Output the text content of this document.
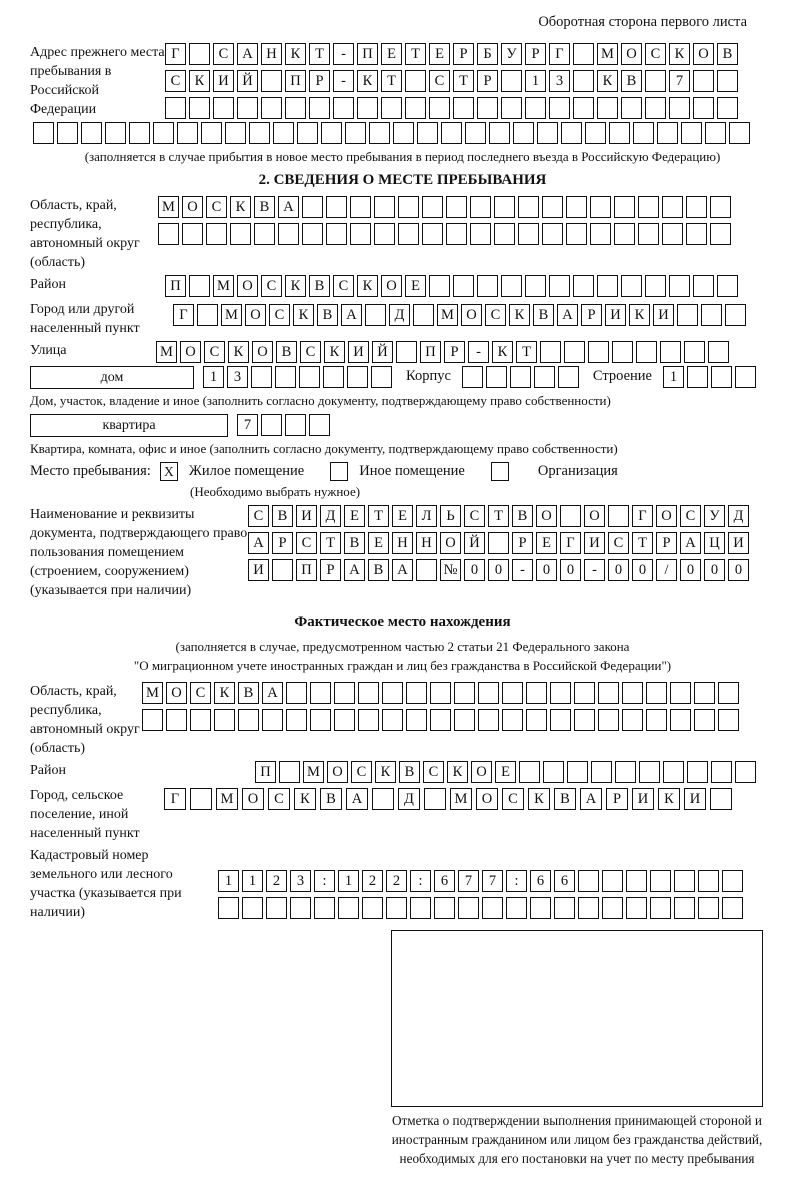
Оборотная сторона первого листа
Адрес прежнего места пребывания в Российской Федерации
Г	С А Н К	Т	-	П Е	Т	Е	Р	Б	У	Р	Г	М О С К О В
С К И Й	П	Р	-	К	Т	С	Т	Р	1	3	К В	7
(заполняется в случае прибытия в новое место пребывания в период последнего въезда в Российскую Федерацию)
2. СВЕДЕНИЯ О МЕСТЕ ПРЕБЫВАНИЯ
Область, край, республика, автономный округ (область)
М О С К В А
Район	П	М О С К В С К О Е
Город или другой населенный пункт
Г	М О С К В А	Д	М О С К В А	Р	И К И
Улица	М О С К О В С К И Й	П	Р	-	К	Т
дом	1	3	Корпус	Строение	1
Дом, участок, владение и иное (заполнить согласно документу, подтверждающему право собственности)
квартира	7
Квартира, комната, офис и иное (заполнить согласно документу, подтверждающему право собственности)
Место пребывания: X Жилое помещение	Иное помещение	Организация
(Необходимо выбрать нужное)
Наименование и реквизиты документа, подтверждающего право пользования помещением (строением, сооружением) (указывается при наличии)
С В И Д	Е	Т	Е	Л	Ь	С	Т	В О	О	Г	О С У Д
А	Р	С	Т	В	Е Н Н О Й	Р	Е	Г	И С	Т	Р	А Ц И
И	П	Р	А В А	№ 0	0	-	0	0	-	0	0	/	0	0	0
Фактическое место нахождения
(заполняется в случае, предусмотренном частью 2 статьи 21 Федерального закона
"О миграционном учете иностранных граждан и лиц без гражданства в Российской Федерации")
Область, край, республика, автономный округ (область)
М О С К В А
Район	П	М О С К В С К О Е
Город, сельское поселение, иной населенный пункт
Г	М О	С	К	В	А	Д	М О	С	К	В	А	Р	И	К	И
Кадастровый номер земельного или лесного участка (указывается при наличии)
1	1	2	3	:	1	2	2	:	6	7	7	:	6	6
Отметка о подтверждении выполнения принимающей стороной и иностранным гражданином или лицом без гражданства действий, необходимых для его постановки на учет по месту пребывания
